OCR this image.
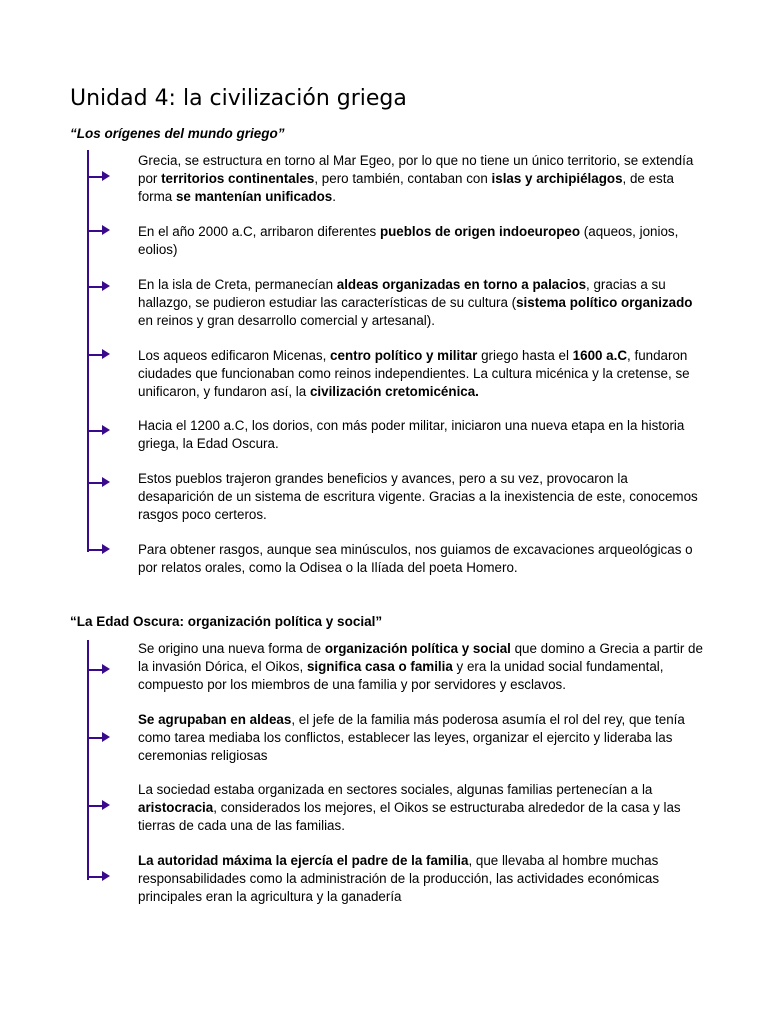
Unidad 4: la civilización griega
“Los orígenes del mundo griego”

Grecia, se estructura en torno al Mar Egeo, por lo que no tiene un único territorio, se extendía por territorios continentales, pero también, contaban con islas y archipiélagos, de esta forma se mantenían unificados.

En el año 2000 a.C, arribaron diferentes pueblos de origen indoeuropeo (aqueos, jonios, eolios)

En la isla de Creta, permanecían aldeas organizadas en torno a palacios, gracias a su hallazgo, se pudieron estudiar las características de su cultura (sistema político organizado en reinos y gran desarrollo comercial y artesanal).

Los aqueos edificaron Micenas, centro político y militar griego hasta el 1600 a.C, fundaron ciudades que funcionaban como reinos independientes. La cultura micénica y la cretense, se unificaron, y fundaron así, la civilización cretomicénica.

Hacia el 1200 a.C, los dorios, con más poder militar, iniciaron una nueva etapa en la historia griega, la Edad Oscura.

Estos pueblos trajeron grandes beneficios y avances, pero a su vez, provocaron la desaparición de un sistema de escritura vigente. Gracias a la inexistencia de este, conocemos rasgos poco certeros.

Para obtener rasgos, aunque sea minúsculos, nos guiamos de excavaciones arqueológicas o por relatos orales, como la Odisea o la Ilíada del poeta Homero.

“La Edad Oscura: organización política y social”

Se origino una nueva forma de organización política y social que domino a Grecia a partir de la invasión Dórica, el Oikos, significa casa o familia y era la unidad social fundamental, compuesto por los miembros de una familia y por servidores y esclavos.

Se agrupaban en aldeas, el jefe de la familia más poderosa asumía el rol del rey, que tenía como tarea mediaba los conflictos, establecer las leyes, organizar el ejercito y lideraba las ceremonias religiosas

La sociedad estaba organizada en sectores sociales, algunas familias pertenecían a la aristocracia, considerados los mejores, el Oikos se estructuraba alrededor de la casa y las tierras de cada una de las familias.

La autoridad máxima la ejercía el padre de la familia, que llevaba al hombre muchas responsabilidades como la administración de la producción, las actividades económicas principales eran la agricultura y la ganadería
